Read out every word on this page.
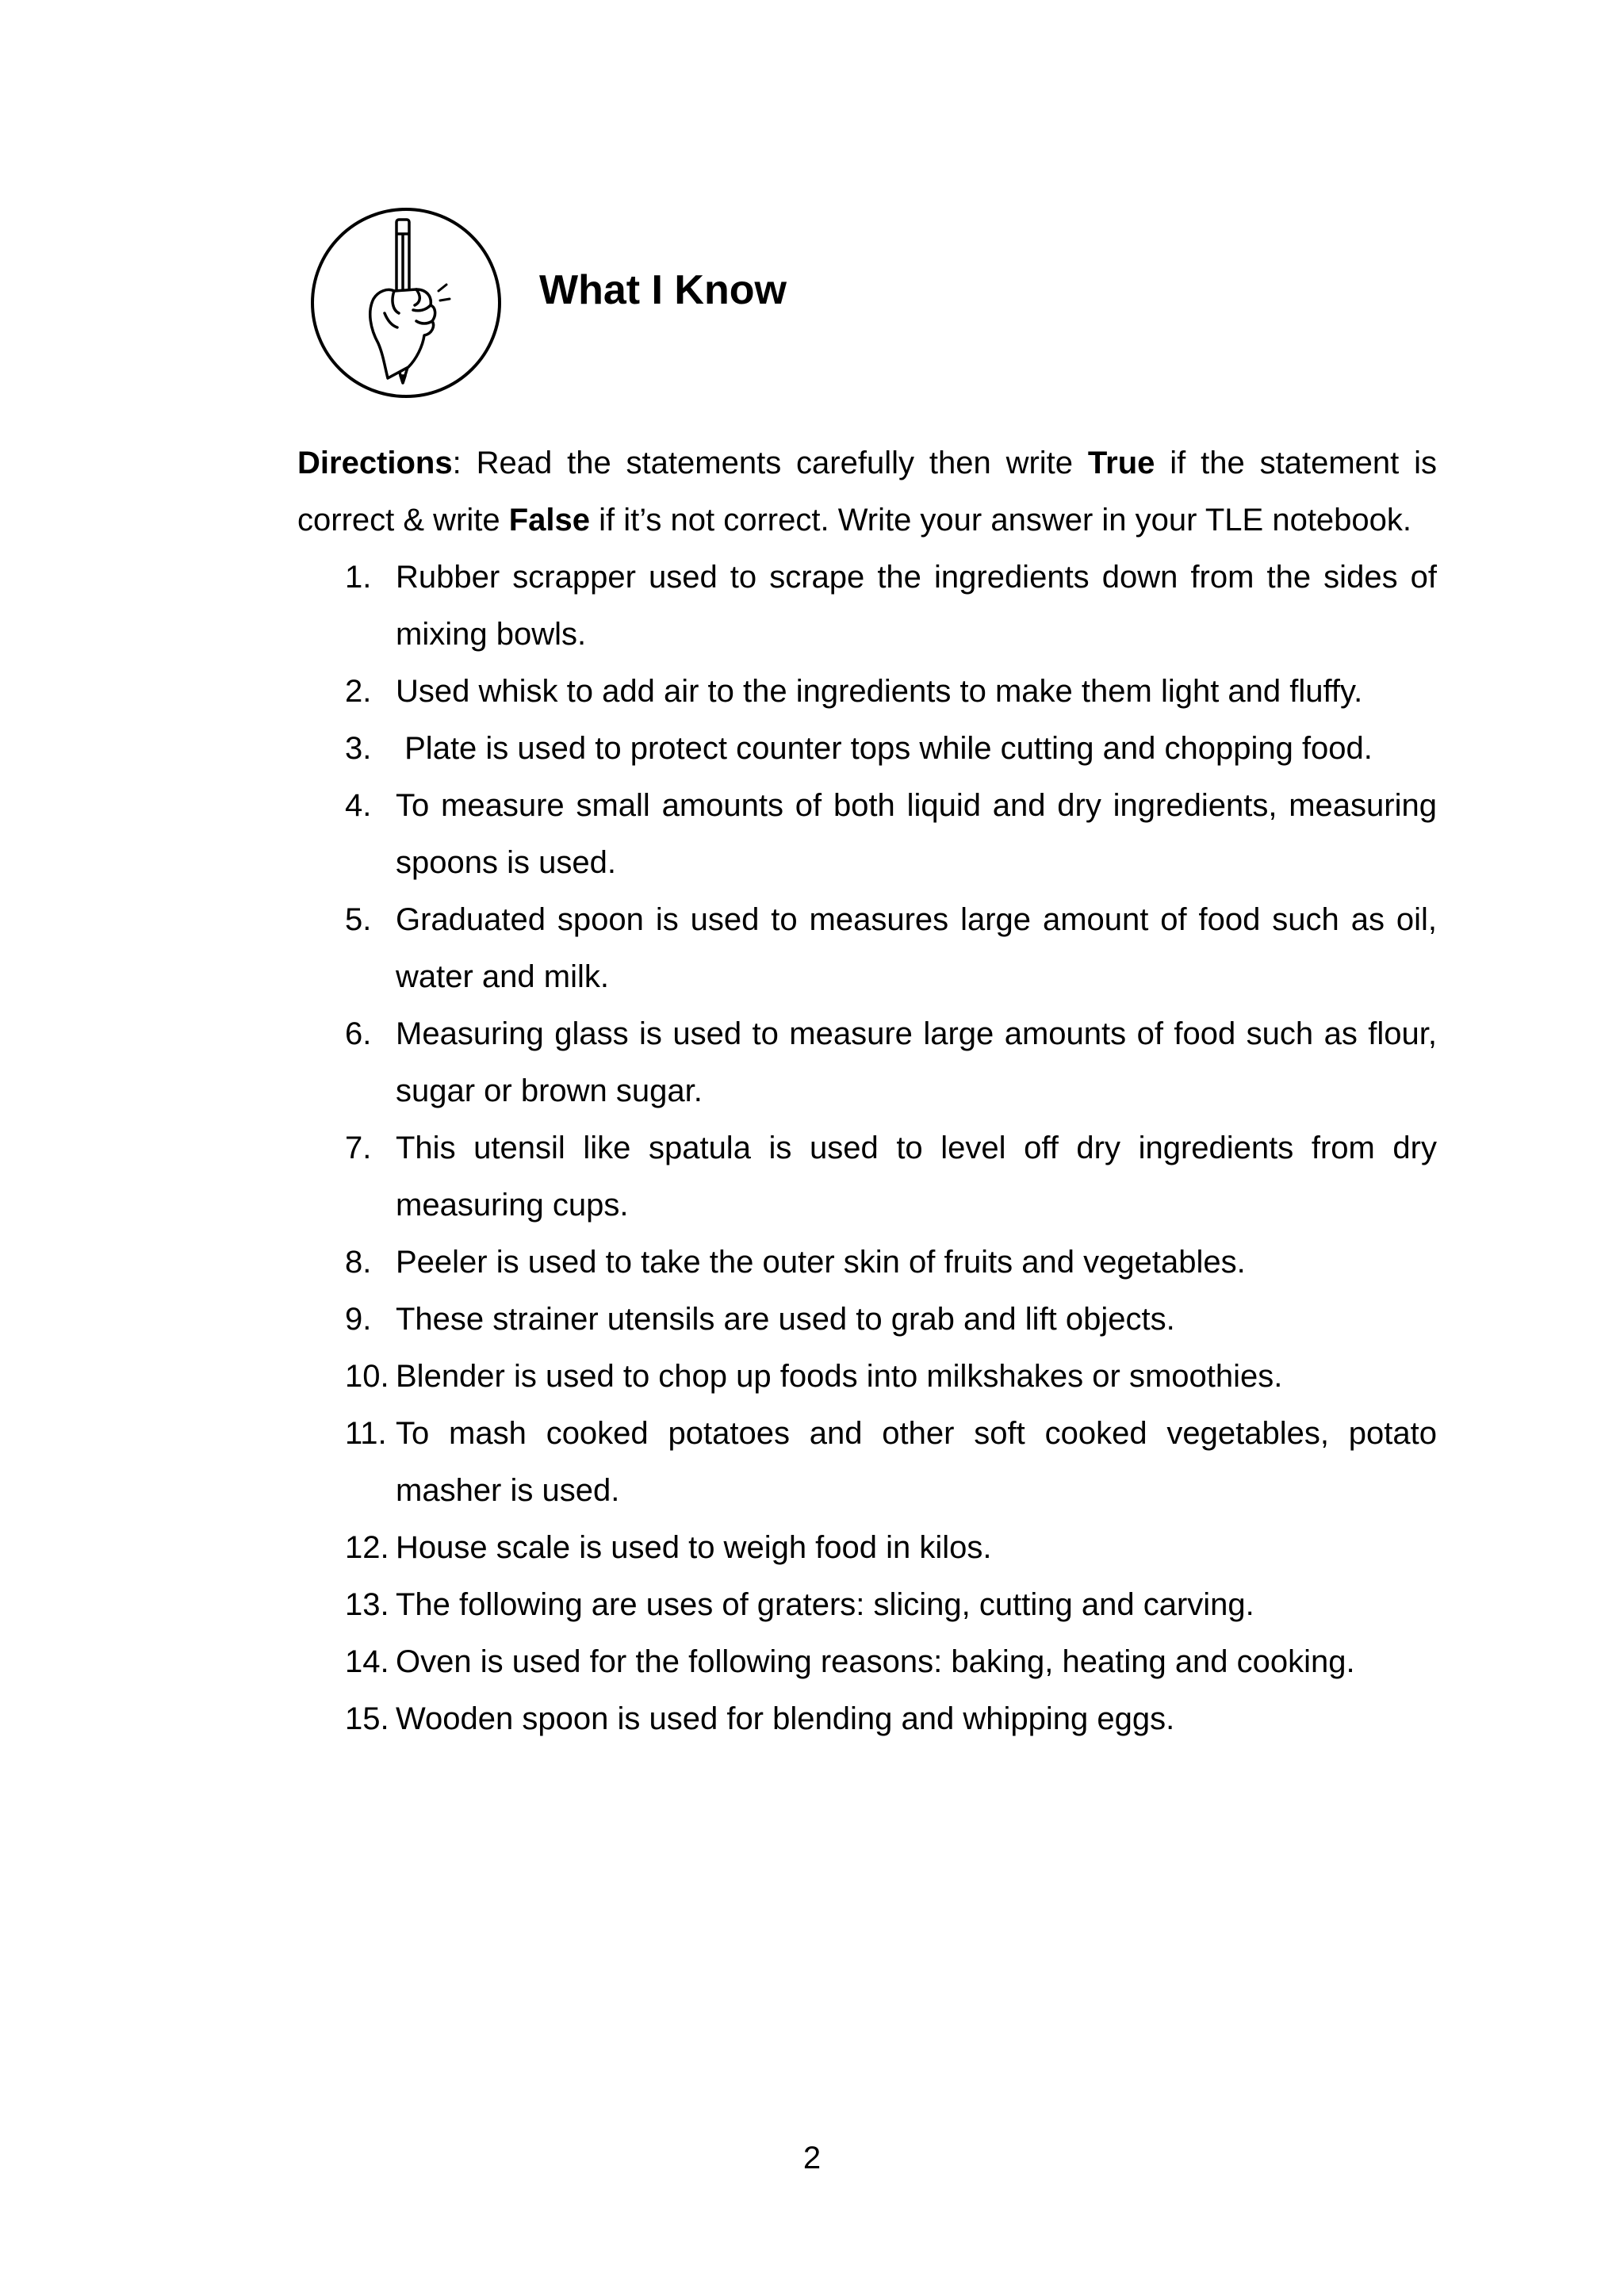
What I Know

Directions: Read the statements carefully then write True if the statement is correct & write False if it’s not correct. Write your answer in your TLE notebook.

1. Rubber scrapper used to scrape the ingredients down from the sides of mixing bowls.
2. Used whisk to add air to the ingredients to make them light and fluffy.
3. Plate is used to protect counter tops while cutting and chopping food.
4. To measure small amounts of both liquid and dry ingredients, measuring spoons is used.
5. Graduated spoon is used to measures large amount of food such as oil, water and milk.
6. Measuring glass is used to measure large amounts of food such as flour, sugar or brown sugar.
7. This utensil like spatula is used to level off dry ingredients from dry measuring cups.
8. Peeler is used to take the outer skin of fruits and vegetables.
9. These strainer utensils are used to grab and lift objects.
10. Blender is used to chop up foods into milkshakes or smoothies.
11. To mash cooked potatoes and other soft cooked vegetables, potato masher is used.
12. House scale is used to weigh food in kilos.
13. The following are uses of graters: slicing, cutting and carving.
14. Oven is used for the following reasons: baking, heating and cooking.
15. Wooden spoon is used for blending and whipping eggs.
2
